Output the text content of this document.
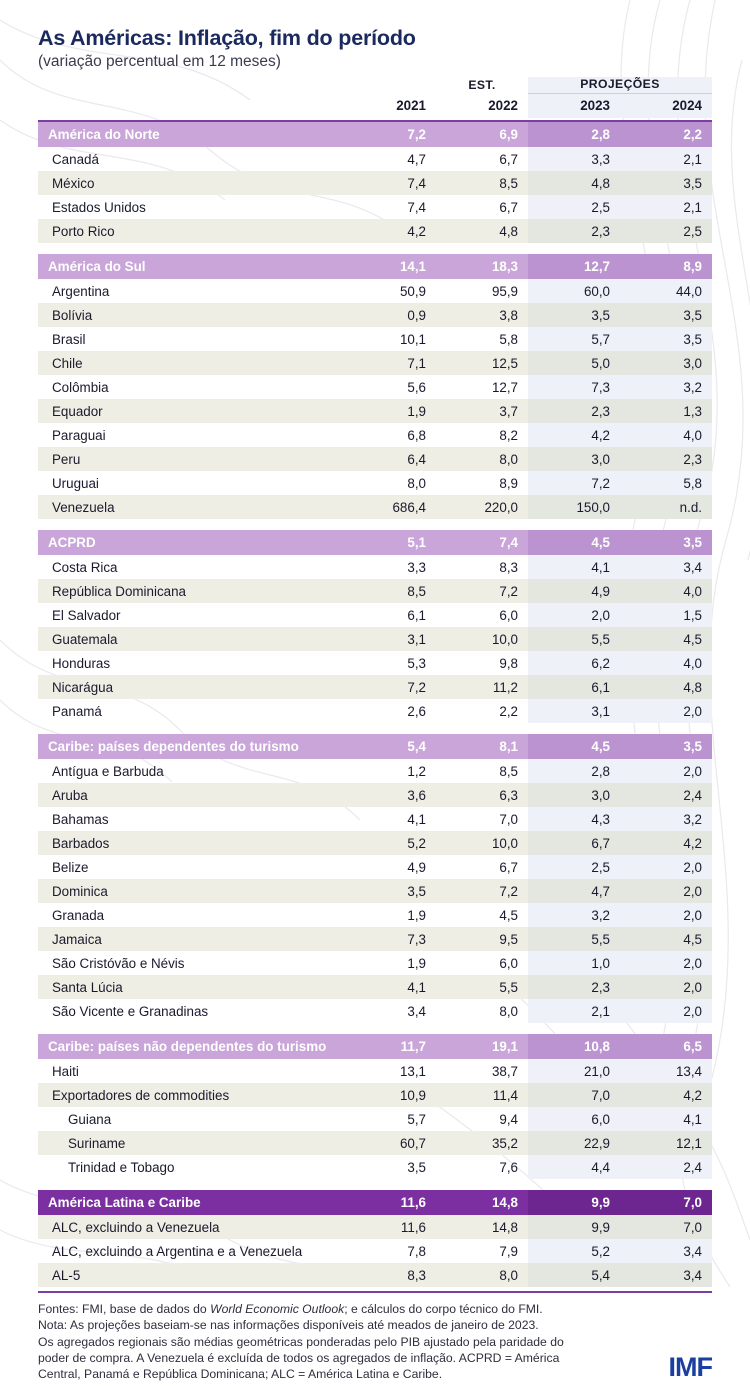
As Américas: Inflação, fim do período
(variação percentual em 12 meses)
		EST.	PROJEÇÕES	
	2021	2022	2023	2024

América do Norte	7,2	6,9	2,8	2,2
Canadá	4,7	6,7	3,3	2,1
México	7,4	8,5	4,8	3,5
Estados Unidos	7,4	6,7	2,5	2,1
Porto Rico	4,2	4,8	2,3	2,5

América do Sul	14,1	18,3	12,7	8,9
Argentina	50,9	95,9	60,0	44,0
Bolívia	0,9	3,8	3,5	3,5
Brasil	10,1	5,8	5,7	3,5
Chile	7,1	12,5	5,0	3,0
Colômbia	5,6	12,7	7,3	3,2
Equador	1,9	3,7	2,3	1,3
Paraguai	6,8	8,2	4,2	4,0
Peru	6,4	8,0	3,0	2,3
Uruguai	8,0	8,9	7,2	5,8
Venezuela	686,4	220,0	150,0	n.d.

ACPRD	5,1	7,4	4,5	3,5
Costa Rica	3,3	8,3	4,1	3,4
República Dominicana	8,5	7,2	4,9	4,0
El Salvador	6,1	6,0	2,0	1,5
Guatemala	3,1	10,0	5,5	4,5
Honduras	5,3	9,8	6,2	4,0
Nicarágua	7,2	11,2	6,1	4,8
Panamá	2,6	2,2	3,1	2,0

Caribe: países dependentes do turismo	5,4	8,1	4,5	3,5
Antígua e Barbuda	1,2	8,5	2,8	2,0
Aruba	3,6	6,3	3,0	2,4
Bahamas	4,1	7,0	4,3	3,2
Barbados	5,2	10,0	6,7	4,2
Belize	4,9	6,7	2,5	2,0
Dominica	3,5	7,2	4,7	2,0
Granada	1,9	4,5	3,2	2,0
Jamaica	7,3	9,5	5,5	4,5
São Cristóvão e Névis	1,9	6,0	1,0	2,0
Santa Lúcia	4,1	5,5	2,3	2,0
São Vicente e Granadinas	3,4	8,0	2,1	2,0

Caribe: países não dependentes do turismo	11,7	19,1	10,8	6,5
Haiti	13,1	38,7	21,0	13,4
Exportadores de commodities	10,9	11,4	7,0	4,2
Guiana	5,7	9,4	6,0	4,1
Suriname	60,7	35,2	22,9	12,1
Trinidad e Tobago	3,5	7,6	4,4	2,4

América Latina e Caribe	11,6	14,8	9,9	7,0
ALC, excluindo a Venezuela	11,6	14,8	9,9	7,0
ALC, excluindo a Argentina e a Venezuela	7,8	7,9	5,2	3,4
AL-5	8,3	8,0	5,4	3,4
Fontes: FMI, base de dados do World Economic Outlook; e cálculos do corpo técnico do FMI.
Nota: As projeções baseiam-se nas informações disponíveis até meados de janeiro de 2023.
Os agregados regionais são médias geométricas ponderadas pelo PIB ajustado pela paridade do
poder de compra. A Venezuela é excluída de todos os agregados de inflação. ACPRD = América
Central, Panamá e República Dominicana; ALC = América Latina e Caribe.	IMF
